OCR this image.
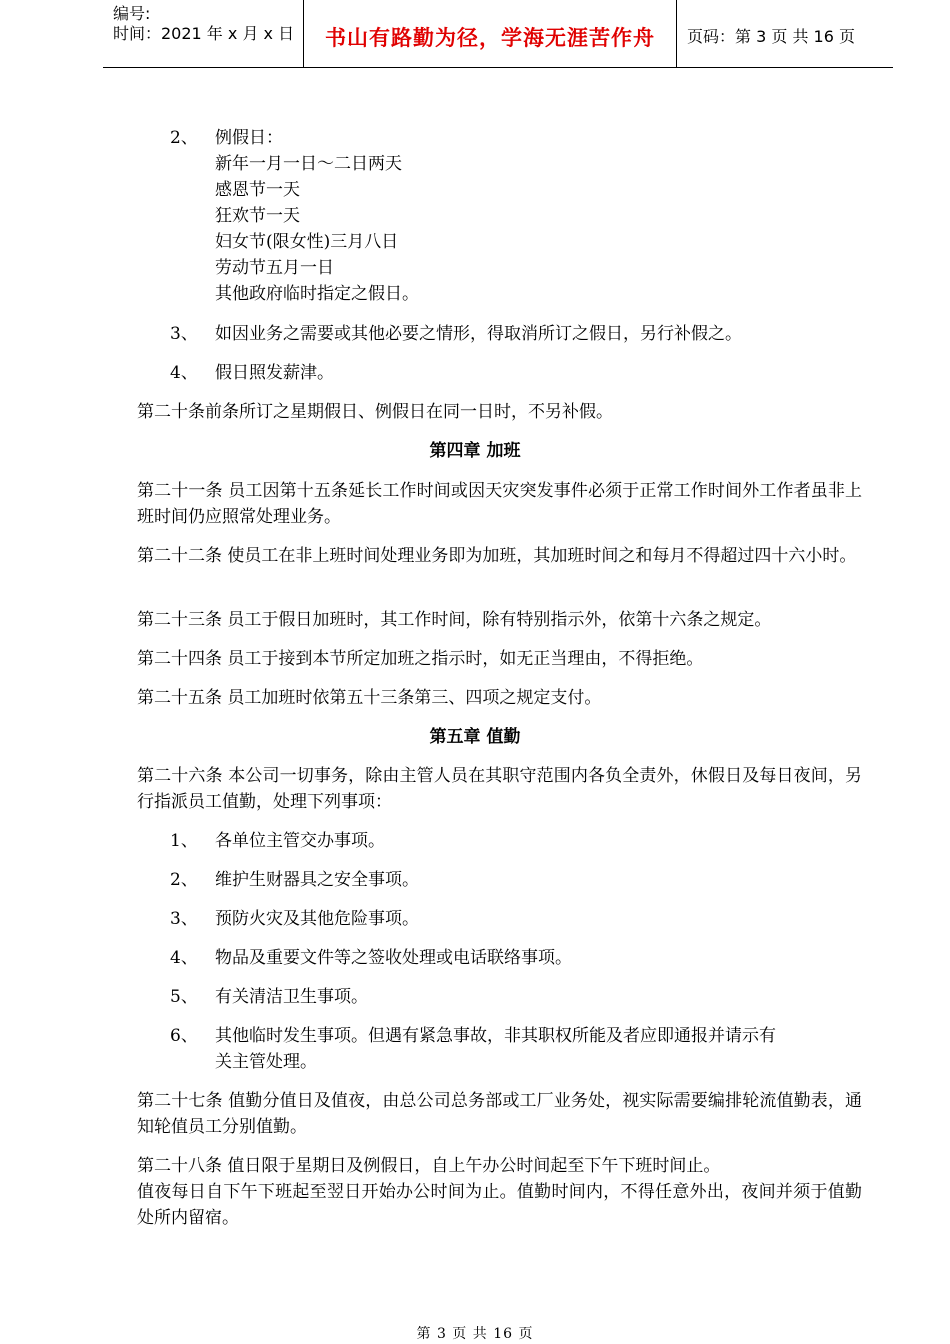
编号:
时间：2021 年 x 月 x 日	书山有路勤为径，学海无涯苦作舟	页码：第 3 页 共 16 页
2、 例假日：
新年一月一日～二日两天
感恩节一天
狂欢节一天
妇女节(限女性)三月八日
劳动节五月一日
其他政府临时指定之假日。
3、 如因业务之需要或其他必要之情形，得取消所订之假日，另行补假之。
4、 假日照发薪津。
第二十条前条所订之星期假日、例假日在同一日时，不另补假。
第四章 加班
第二十一条 员工因第十五条延长工作时间或因天灾突发事件必须于正常工作时间外工作者虽非上班时间仍应照常处理业务。
第二十二条 使员工在非上班时间处理业务即为加班，其加班时间之和每月不得超过四十六小时。
第二十三条 员工于假日加班时，其工作时间，除有特别指示外，依第十六条之规定。
第二十四条 员工于接到本节所定加班之指示时，如无正当理由，不得拒绝。
第二十五条 员工加班时依第五十三条第三、四项之规定支付。
第五章 值勤
第二十六条 本公司一切事务，除由主管人员在其职守范围内各负全责外，休假日及每日夜间，另行指派员工值勤，处理下列事项：
1、 各单位主管交办事项。
2、 维护生财器具之安全事项。
3、 预防火灾及其他危险事项。
4、 物品及重要文件等之签收处理或电话联络事项。
5、 有关清洁卫生事项。
6、 其他临时发生事项。但遇有紧急事故，非其职权所能及者应即通报并请示有
关主管处理。
第二十七条 值勤分值日及值夜，由总公司总务部或工厂业务处，视实际需要编排轮流值勤表，通知轮值员工分别值勤。
第二十八条 值日限于星期日及例假日，自上午办公时间起至下午下班时间止。
值夜每日自下午下班起至翌日开始办公时间为止。值勤时间内，不得任意外出，夜间并须于值勤处所内留宿。
第 3 页 共 16 页
